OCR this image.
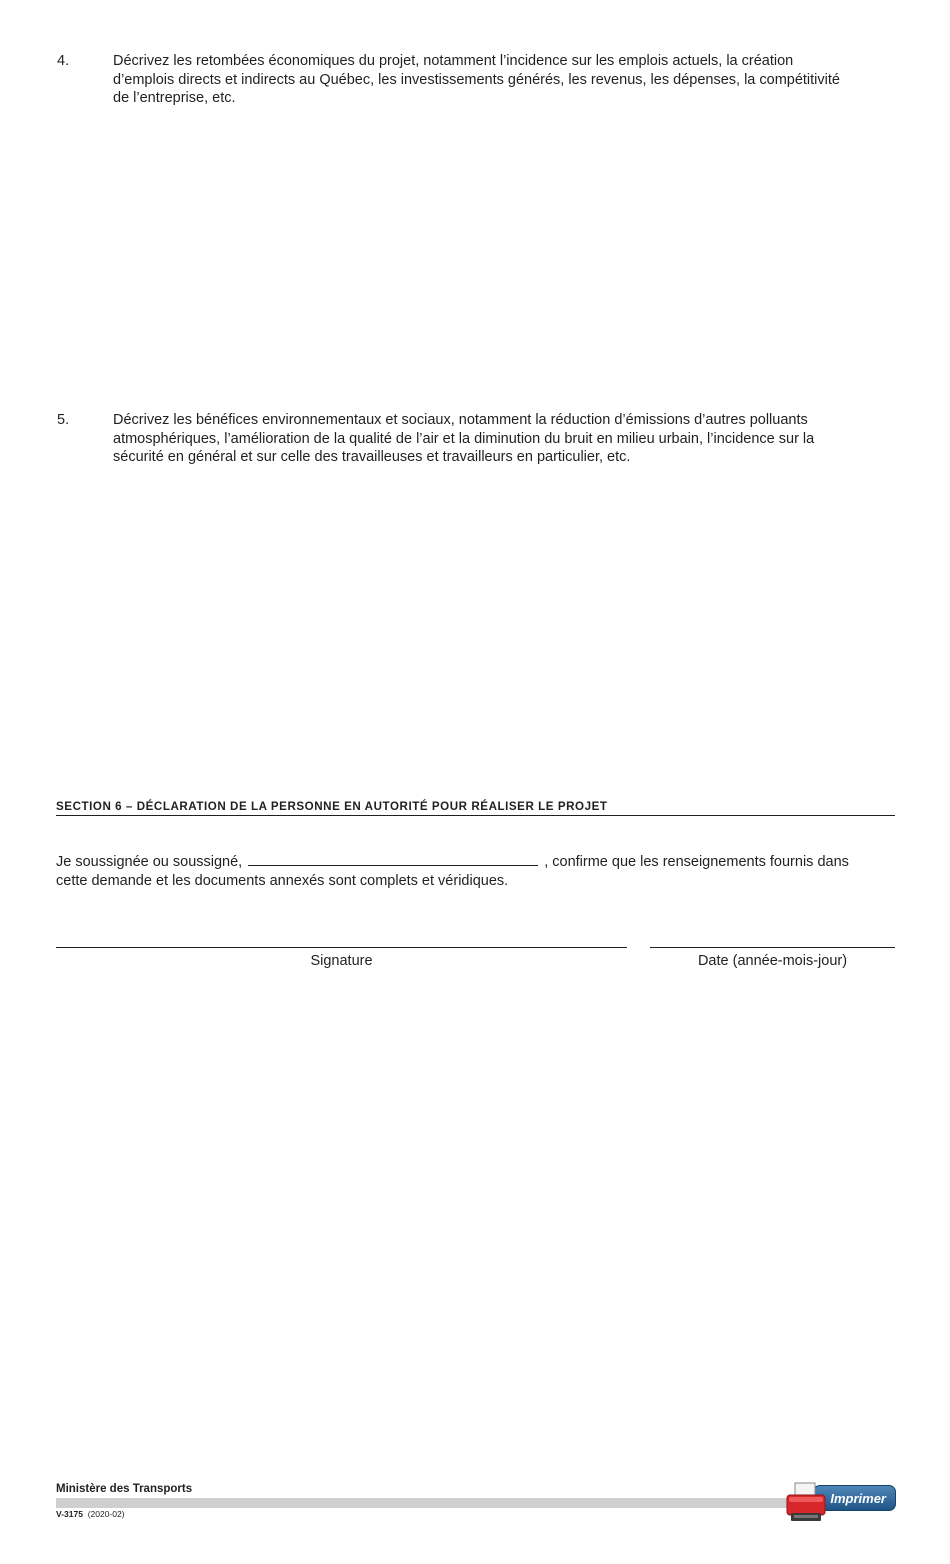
4.	Décrivez les retombées économiques du projet, notamment l’incidence sur les emplois actuels, la création
d’emplois directs et indirects au Québec, les investissements générés, les revenus, les dépenses, la compétitivité
de l’entreprise, etc.
5.	Décrivez les bénéfices environnementaux et sociaux, notamment la réduction d’émissions d’autres polluants
atmosphériques, l’amélioration de la qualité de l’air et la diminution du bruit en milieu urbain, l’incidence sur la
sécurité en général et sur celle des travailleuses et travailleurs en particulier, etc.
SECTION 6 – DÉCLARATION DE LA PERSONNE EN AUTORITÉ POUR RÉALISER LE PROJET
Je soussignée ou soussigné,	, confirme que les renseignements fournis dans
cette demande et les documents annexés sont complets et véridiques.
Signature	Date (année-mois-jour)
Ministère des Transports
V-3175 (2020-02)
Imprimer
